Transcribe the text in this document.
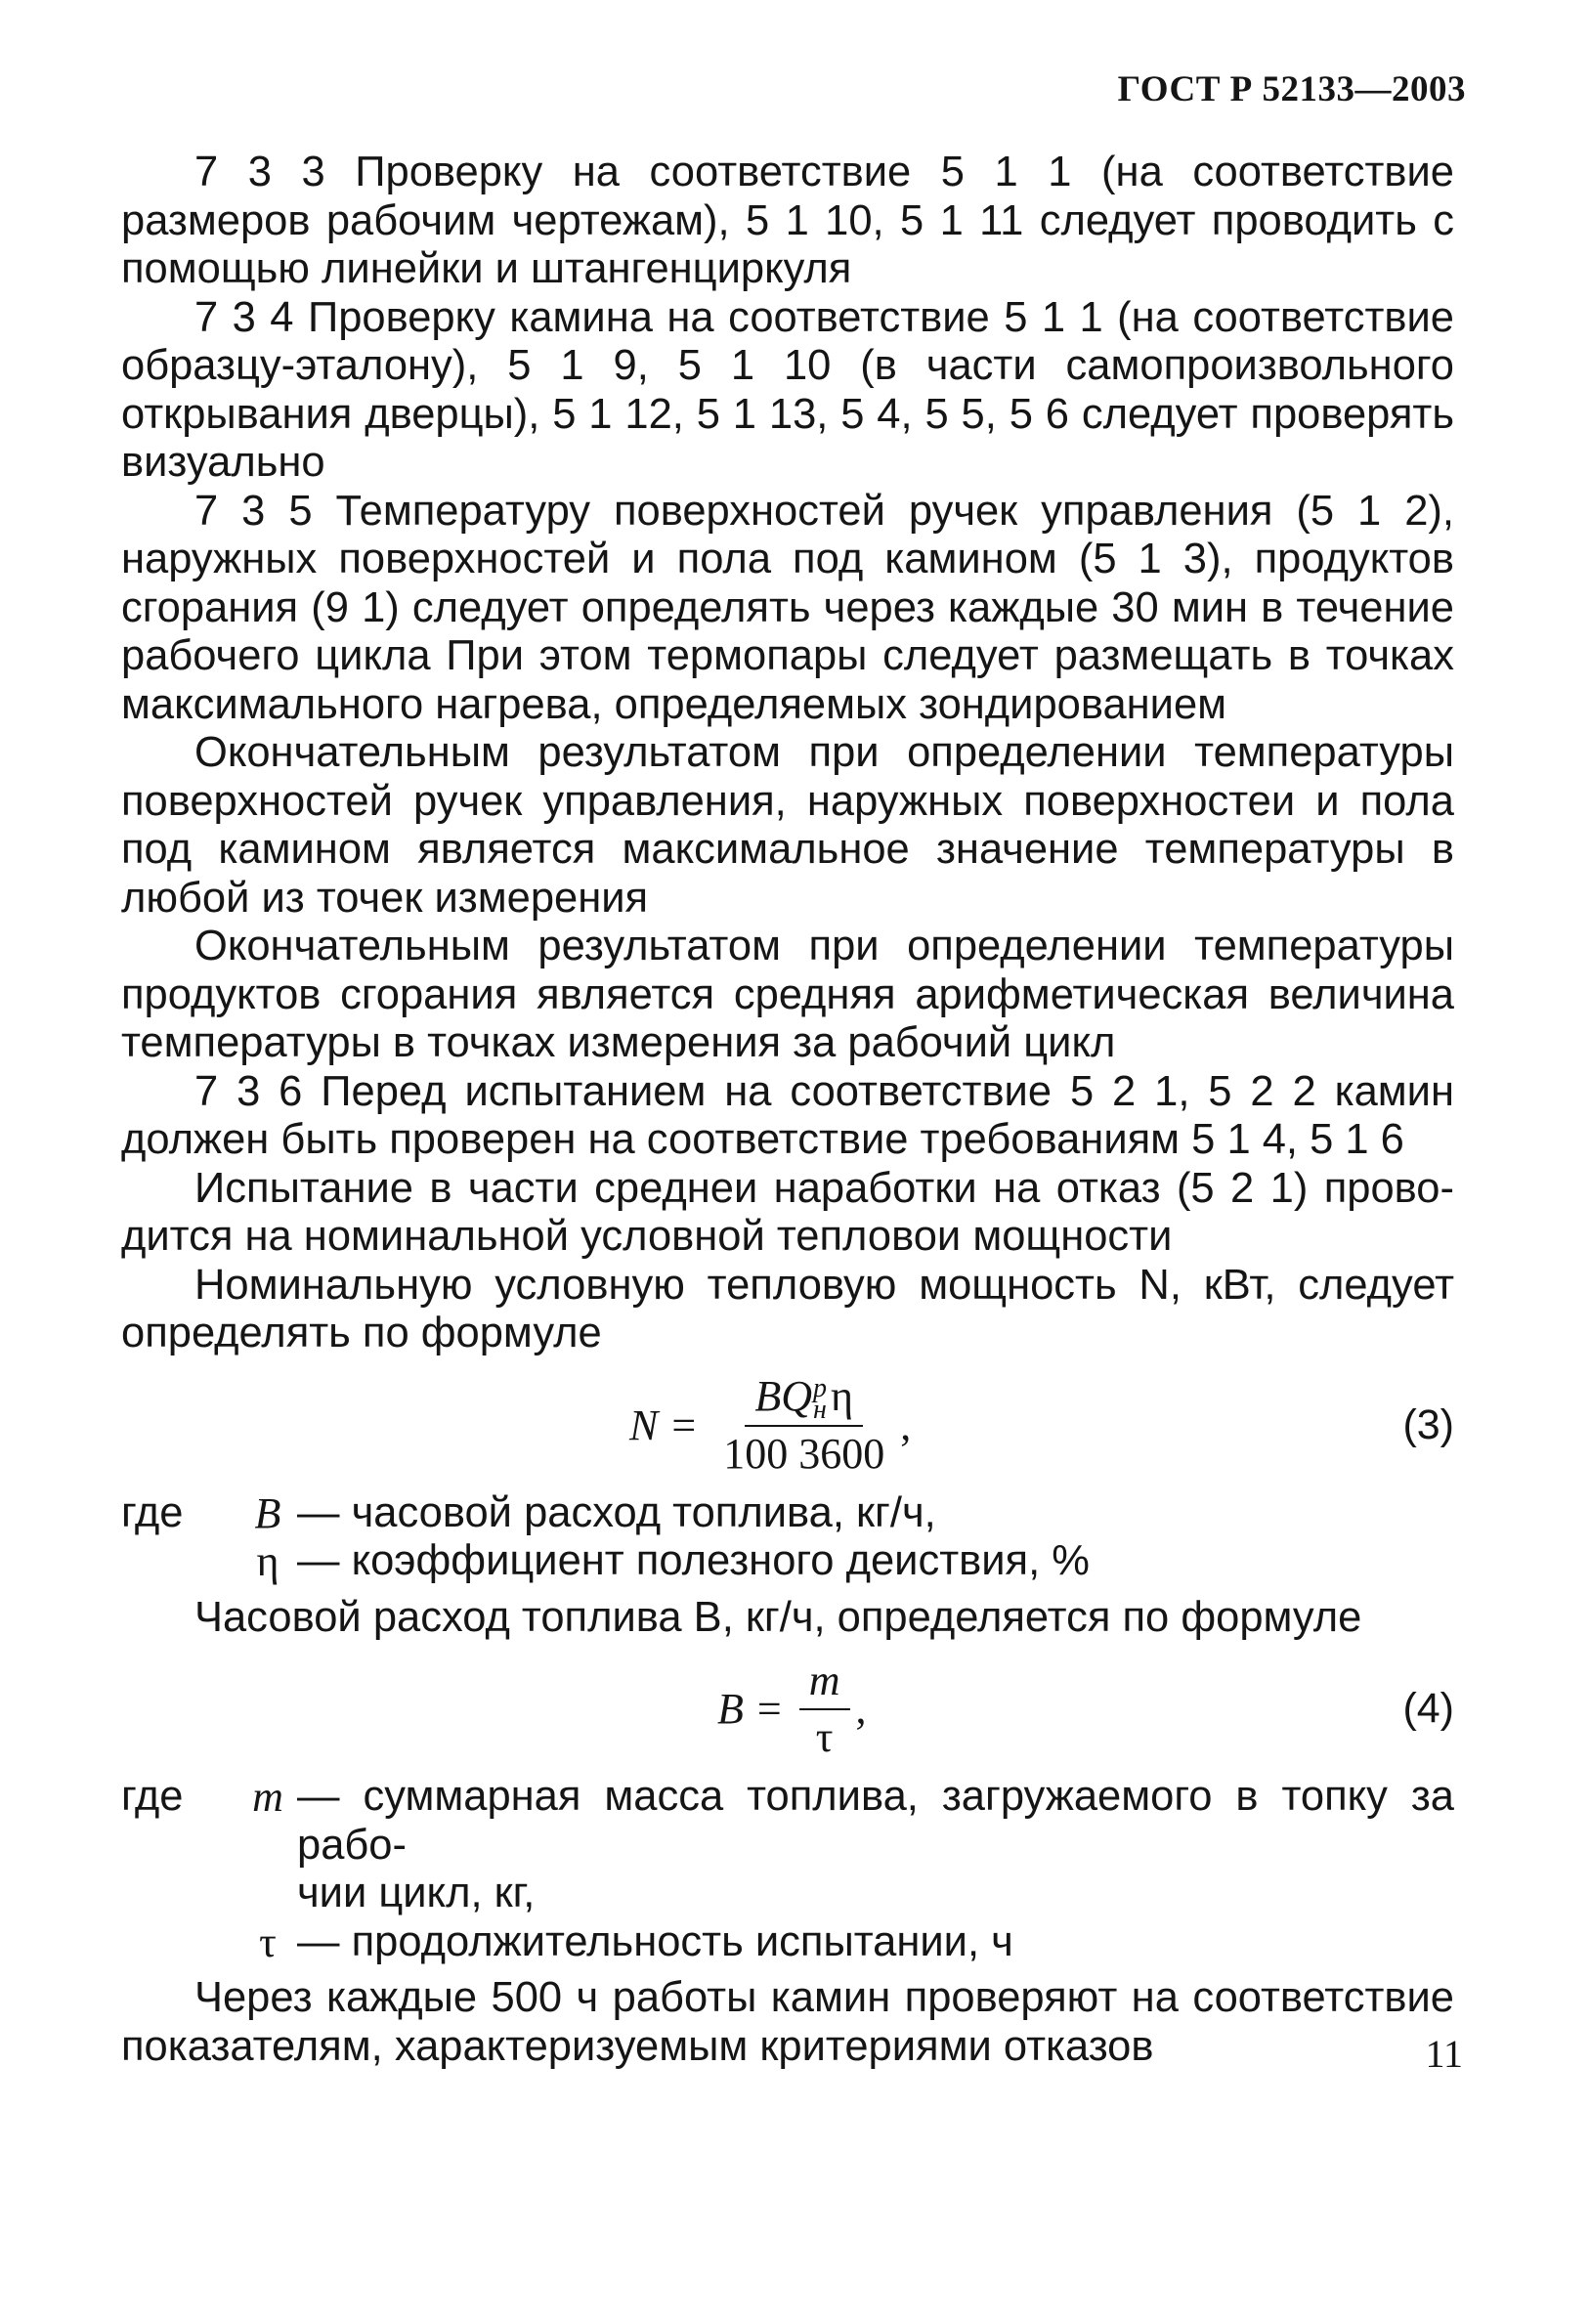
ГОСТ Р 52133—2003

7 3 3 Проверку на соответствие 5 1 1 (на соответствие размеров рабочим чертежам), 5 1 10, 5 1 11 следует проводить с помощью линейки и штангенциркуля

7 3 4 Проверку камина на соответствие 5 1 1 (на соответствие образцу-эталону), 5 1 9, 5 1 10 (в части самопроизвольного открывания дверцы), 5 1 12, 5 1 13, 5 4, 5 5, 5 6 следует проверять визуально

7 3 5 Температуру поверхностей ручек управления (5 1 2), наружных поверхностей и пола под камином (5 1 3), продуктов сгорания (9 1) следует определять через каждые 30 мин в течение рабочего цикла При этом термопары следует размещать в точках максимального нагрева, определяемых зондированием

Окончательным результатом при определении температуры поверхностей ручек управления, наружных поверхностеи и пола под камином является максимальное значение температуры в любой из точек измерения

Окончательным результатом при определении температуры продуктов сгорания является средняя арифметическая величина температуры в точках измерения за рабочий цикл

7 3 6 Перед испытанием на соответствие 5 2 1, 5 2 2 камин должен быть проверен на соответствие требованиям 5 1 4, 5 1 6

Испытание в части среднеи наработки на отказ (5 2 1) проводится на номинальной условной тепловои мощности

Номинальную условную тепловую мощность N, кВт, следует определять по формуле

N = BQ р
н η
100 3600 ,	(3)
где	B — часовой расход топлива, кг/ч,
η — коэффициент полезного деиствия, %

Часовой расход топлива B, кг/ч, определяется по формуле

$B = \frac{m}{\tau}$ ,	(4)
где	m — суммарная масса топлива, загружаемого в топку за рабо-
чии цикл, кг,
τ — продолжительность испытании, ч

Через каждые 500 ч работы камин проверяют на соответствие показателям, характеризуемым критериями отказов	11
